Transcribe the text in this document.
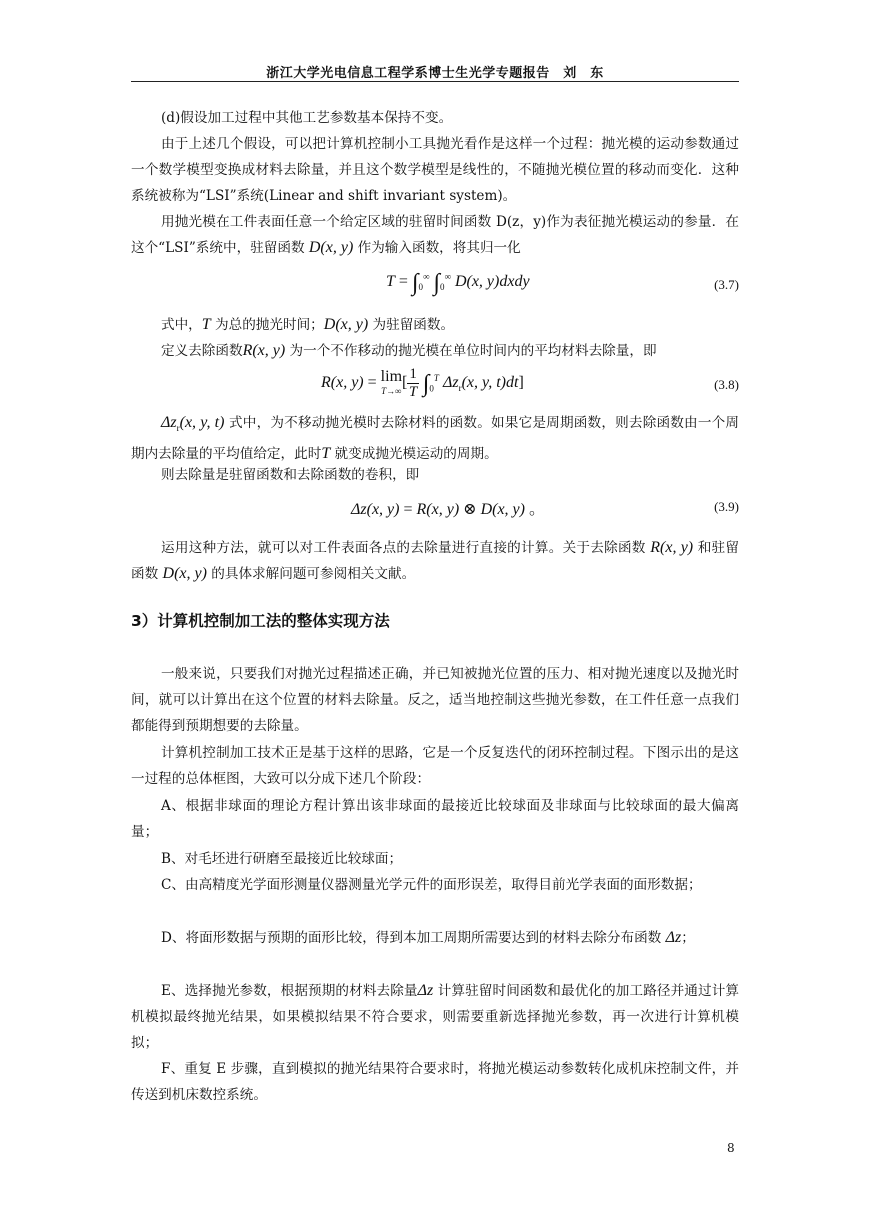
浙江大学光电信息工程学系博士生光学专题报告　刘　东

(d)假设加工过程中其他工艺参数基本保持不变。

由于上述几个假设，可以把计算机控制小工具抛光看作是这样一个过程：抛光模的运动参数通过一个数学模型变换成材料去除量，并且这个数学模型是线性的，不随抛光模位置的移动而变化．这种系统被称为“LSI”系统(Linear and shift invariant system)。

用抛光模在工件表面任意一个给定区域的驻留时间函数 D(z，y)作为表征抛光模运动的参量．在这个“LSI”系统中，驻留函数 D(x, y) 作为输入函数，将其归一化

$T = \int_0^\infty$ $\int_0^\infty$ D(x, y)dxdy	(3.7)

式中，T 为总的抛光时间；D(x, y) 为驻留函数。

定义去除函数R(x, y) 为一个不作移动的抛光模在单位时间内的平均材料去除量，即

R(x, y) = lim
T→∞ [ $\frac{1}{T} \int_0^T$ $\Delta z_r(x$, y, t)dt]	(3.8)

$\Delta z_r(x$, y, t) 式中，为不移动抛光模时去除材料的函数。如果它是周期函数，则去除函数由一个周期内去除量的平均值给定，此时T 就变成抛光模运动的周期。

则去除量是驻留函数和去除函数的卷积，即

Δz(x, y) = R(x, y) ⊗ D(x, y) 。	(3.9)

运用这种方法，就可以对工件表面各点的去除量进行直接的计算。关于去除函数 R(x, y) 和驻留函数 D(x, y) 的具体求解问题可参阅相关文献。

3）计算机控制加工法的整体实现方法

一般来说，只要我们对抛光过程描述正确，并已知被抛光位置的压力、相对抛光速度以及抛光时间，就可以计算出在这个位置的材料去除量。反之，适当地控制这些抛光参数，在工件任意一点我们都能得到预期想要的去除量。

计算机控制加工技术正是基于这样的思路，它是一个反复迭代的闭环控制过程。下图示出的是这一过程的总体框图，大致可以分成下述几个阶段：

A、根据非球面的理论方程计算出该非球面的最接近比较球面及非球面与比较球面的最大偏离量；

B、对毛坯进行研磨至最接近比较球面；

C、由高精度光学面形测量仪器测量光学元件的面形误差，取得目前光学表面的面形数据；

D、将面形数据与预期的面形比较，得到本加工周期所需要达到的材料去除分布函数 Δz；

E、选择抛光参数，根据预期的材料去除量Δz 计算驻留时间函数和最优化的加工路径并通过计算机模拟最终抛光结果，如果模拟结果不符合要求，则需要重新选择抛光参数，再一次进行计算机模拟；

F、重复 E 步骤，直到模拟的抛光结果符合要求时，将抛光模运动参数转化成机床控制文件，并传送到机床数控系统。

8
